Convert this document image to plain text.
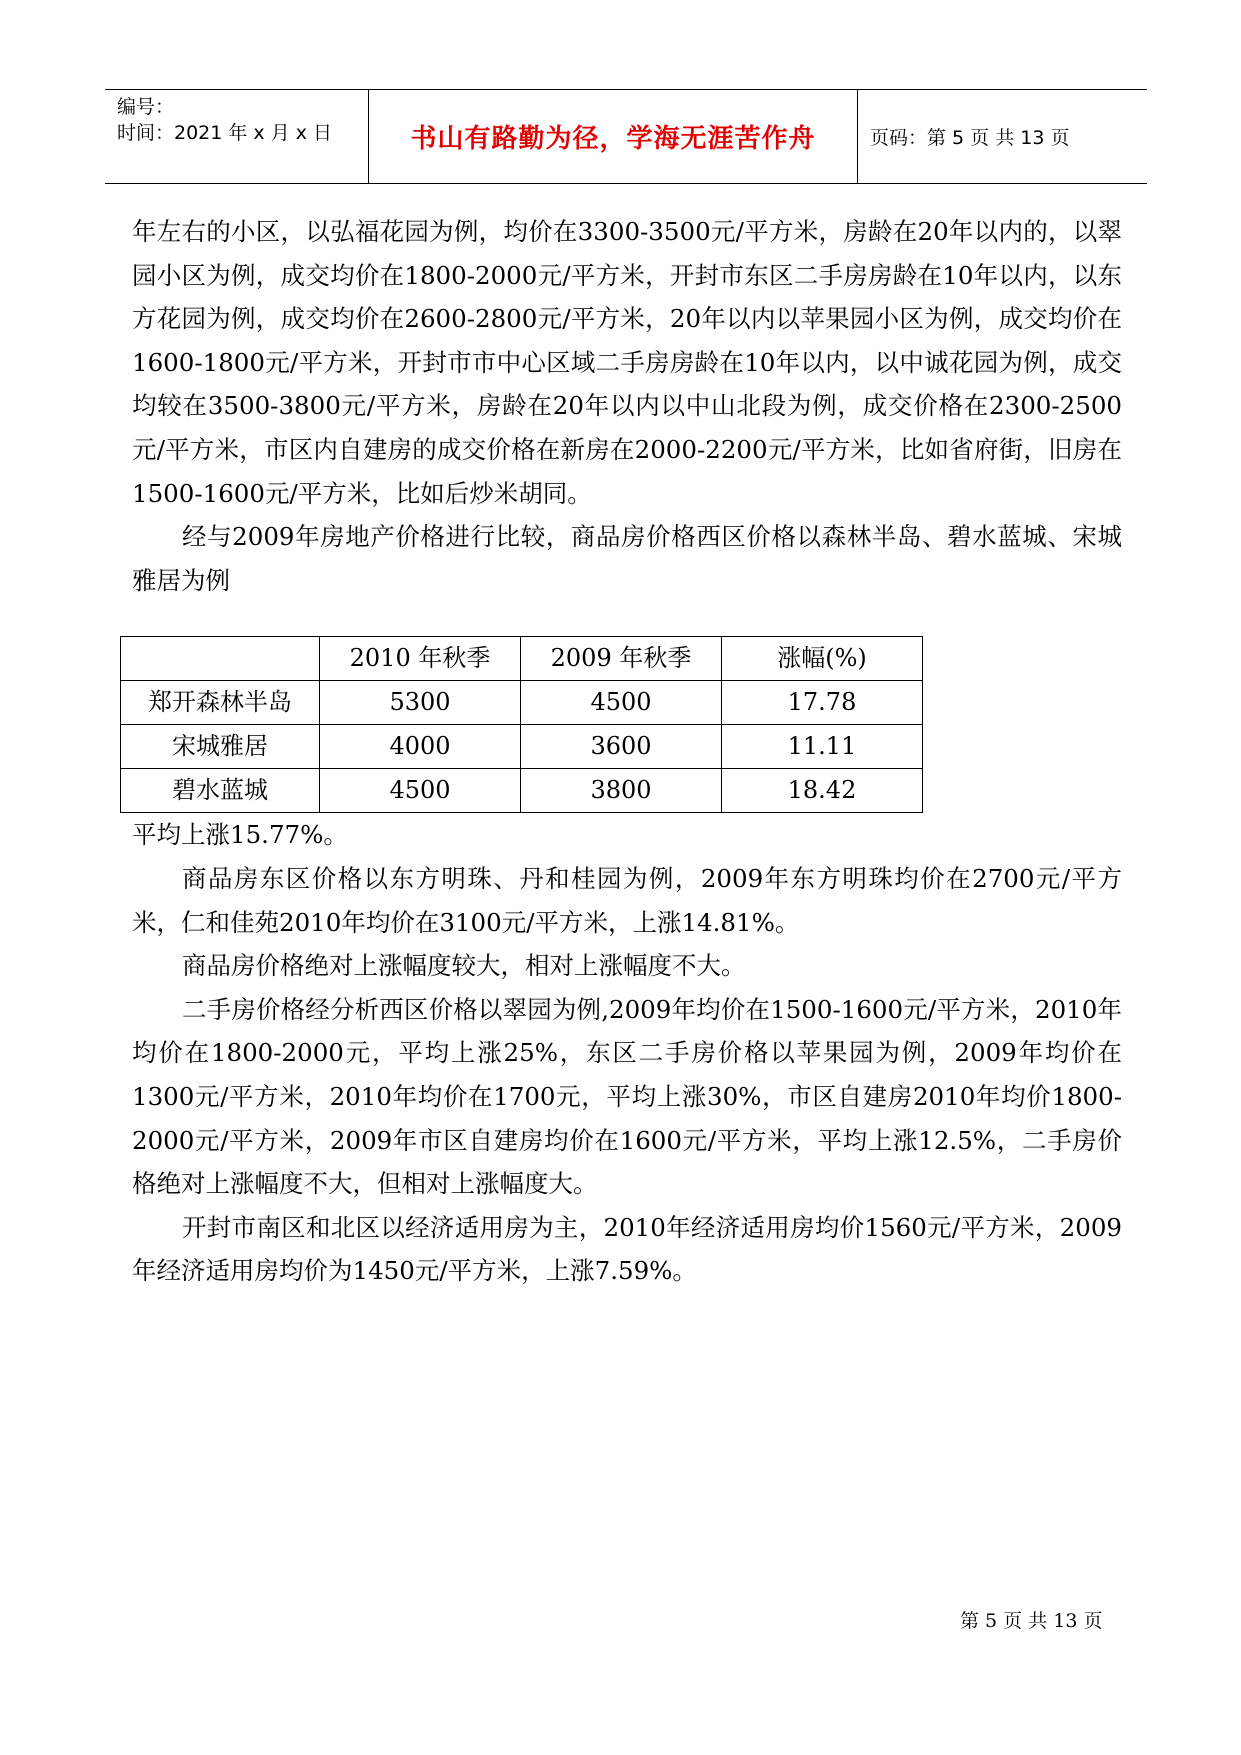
编号：
时间：2021 年 x 月 x 日	书山有路勤为径，学海无涯苦作舟	页码：第 5 页 共 13 页

年左右的小区，以弘福花园为例，均价在3300-3500元/平方米，房龄在20年以内的，以翠园小区为例，成交均价在1800-2000元/平方米，开封市东区二手房房龄在10年以内，以东方花园为例，成交均价在2600-2800元/平方米，20年以内以苹果园小区为例，成交均价在1600-1800元/平方米，开封市市中心区域二手房房龄在10年以内，以中诚花园为例，成交均较在3500-3800元/平方米，房龄在20年以内以中山北段为例，成交价格在2300-2500元/平方米，市区内自建房的成交价格在新房在2000-2200元/平方米，比如省府街，旧房在1500-1600元/平方米，比如后炒米胡同。

经与2009年房地产价格进行比较，商品房价格西区价格以森林半岛、碧水蓝城、宋城雅居为例

	2010 年秋季	2009 年秋季	涨幅(%)
郑开森林半岛	5300	4500	17.78
宋城雅居	4000	3600	11.11
碧水蓝城	4500	3800	18.42

平均上涨15.77%。

商品房东区价格以东方明珠、丹和桂园为例，2009年东方明珠均价在2700元/平方米，仁和佳苑2010年均价在3100元/平方米，上涨14.81%。

商品房价格绝对上涨幅度较大，相对上涨幅度不大。

二手房价格经分析西区价格以翠园为例,2009年均价在1500-1600元/平方米，2010年均价在1800-2000元，平均上涨25%，东区二手房价格以苹果园为例，2009年均价在1300元/平方米，2010年均价在1700元，平均上涨30%，市区自建房2010年均价1800-2000元/平方米，2009年市区自建房均价在1600元/平方米，平均上涨12.5%，二手房价格绝对上涨幅度不大，但相对上涨幅度大。

开封市南区和北区以经济适用房为主，2010年经济适用房均价1560元/平方米，2009年经济适用房均价为1450元/平方米，上涨7.59%。

第 5 页 共 13 页
